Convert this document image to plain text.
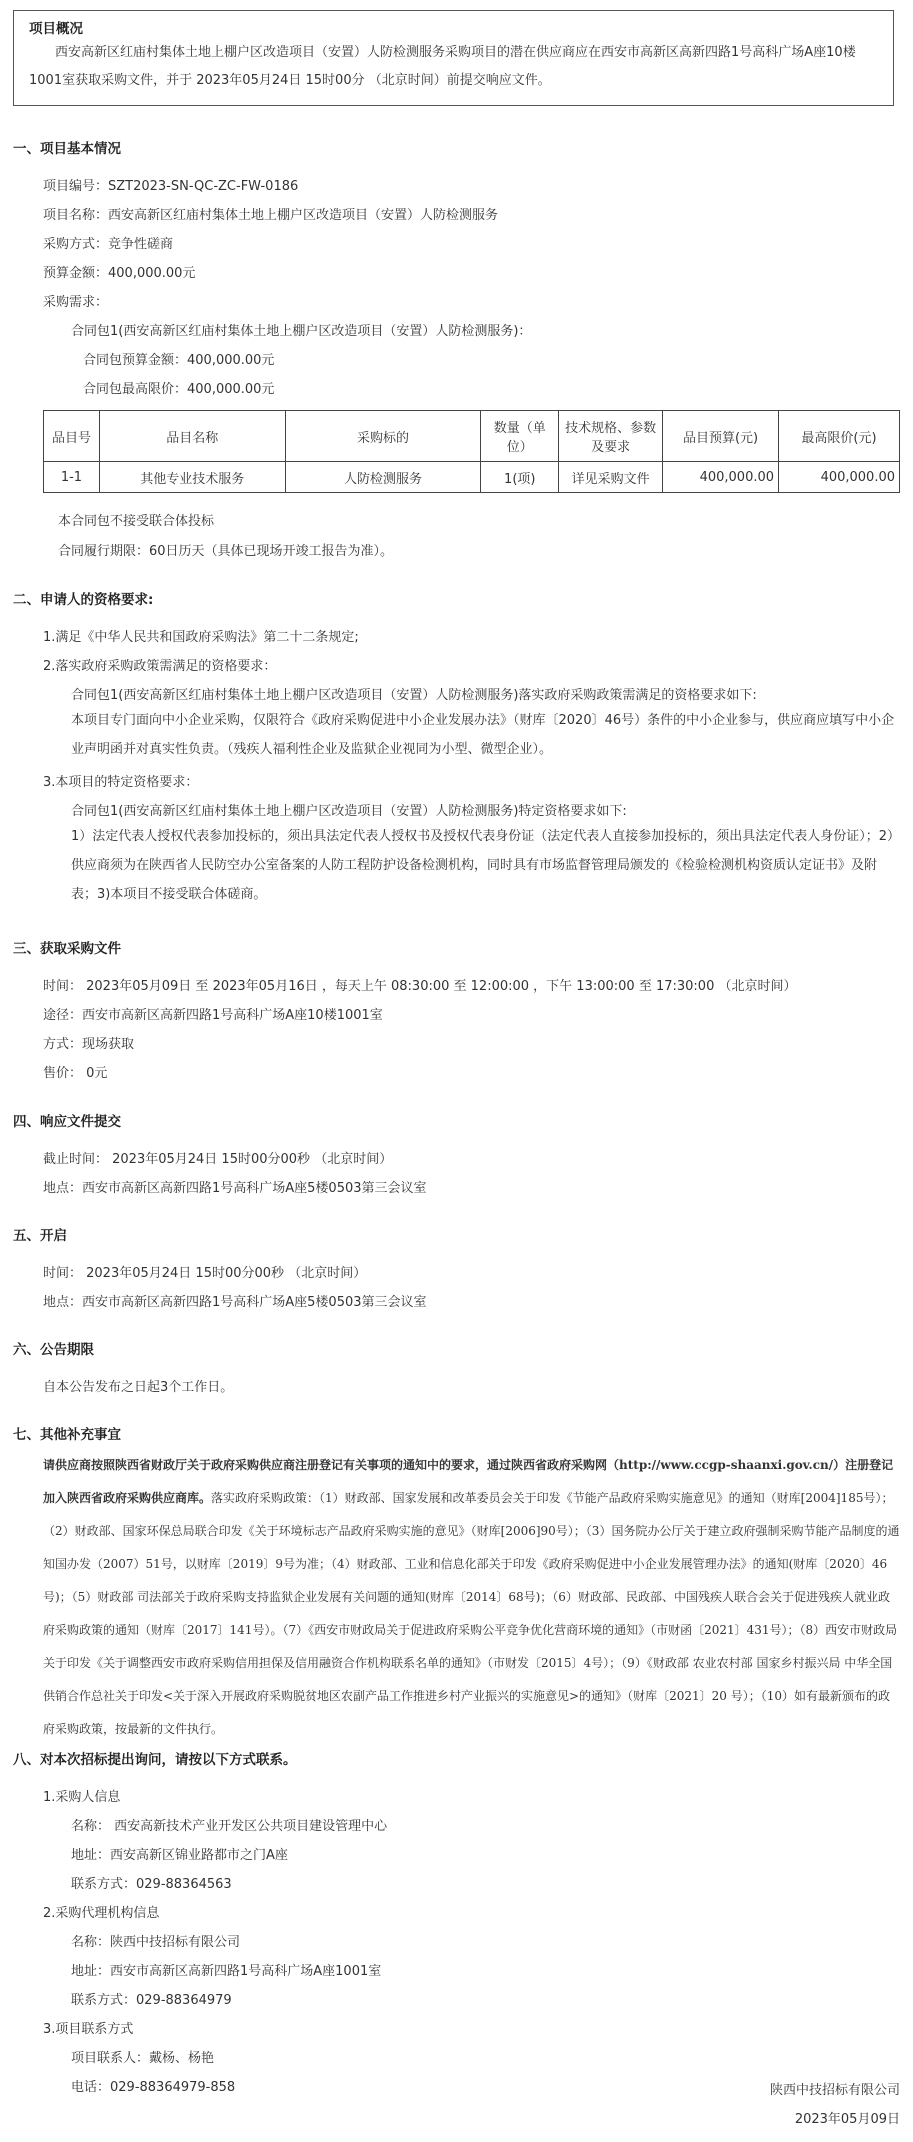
项目概况
西安高新区红庙村集体土地上棚户区改造项目（安置）人防检测服务采购项目的潜在供应商应在西安市高新区高新四路1号高科广场A座10楼1001室获取采购文件，并于 2023年05月24日 15时00分 （北京时间）前提交响应文件。
一、项目基本情况
项目编号：SZT2023-SN-QC-ZC-FW-0186
项目名称：西安高新区红庙村集体土地上棚户区改造项目（安置）人防检测服务
采购方式：竞争性磋商
预算金额：400,000.00元
采购需求：
合同包1(西安高新区红庙村集体土地上棚户区改造项目（安置）人防检测服务)：
合同包预算金额：400,000.00元
合同包最高限价：400,000.00元
品目号	品目名称	采购标的	数量（单位）	技术规格、参数及要求	品目预算(元)	最高限价(元)
1-1	其他专业技术服务	人防检测服务	1(项)	详见采购文件	400,000.00	400,000.00
本合同包不接受联合体投标
合同履行期限：60日历天（具体已现场开竣工报告为准）。
二、申请人的资格要求:
1.满足《中华人民共和国政府采购法》第二十二条规定;
2.落实政府采购政策需满足的资格要求：
合同包1(西安高新区红庙村集体土地上棚户区改造项目（安置）人防检测服务)落实政府采购政策需满足的资格要求如下:
本项目专门面向中小企业采购，仅限符合《政府采购促进中小企业发展办法》（财库〔2020〕46号）条件的中小企业参与，供应商应填写中小企业声明函并对真实性负责。（残疾人福利性企业及监狱企业视同为小型、微型企业）。
3.本项目的特定资格要求：
合同包1(西安高新区红庙村集体土地上棚户区改造项目（安置）人防检测服务)特定资格要求如下:
1）法定代表人授权代表参加投标的，须出具法定代表人授权书及授权代表身份证（法定代表人直接参加投标的，须出具法定代表人身份证）；2）供应商须为在陕西省人民防空办公室备案的人防工程防护设备检测机构，同时具有市场监督管理局颁发的《检验检测机构资质认定证书》及附表；3)本项目不接受联合体磋商。
三、获取采购文件
时间： 2023年05月09日 至 2023年05月16日 ，每天上午 08:30:00 至 12:00:00 ，下午 13:00:00 至 17:30:00 （北京时间）
途径：西安市高新区高新四路1号高科广场A座10楼1001室
方式：现场获取
售价： 0元
四、响应文件提交
截止时间： 2023年05月24日 15时00分00秒 （北京时间）
地点：西安市高新区高新四路1号高科广场A座5楼0503第三会议室
五、开启
时间： 2023年05月24日 15时00分00秒 （北京时间）
地点：西安市高新区高新四路1号高科广场A座5楼0503第三会议室
六、公告期限
自本公告发布之日起3个工作日。
七、其他补充事宜
请供应商按照陕西省财政厅关于政府采购供应商注册登记有关事项的通知中的要求，通过陕西省政府采购网（http://www.ccgp-shaanxi.gov.cn/）注册登记加入陕西省政府采购供应商库。落实政府采购政策：（1）财政部、国家发展和改革委员会关于印发《节能产品政府采购实施意见》的通知（财库[2004]185号）；（2）财政部、国家环保总局联合印发《关于环境标志产品政府采购实施的意见》（财库[2006]90号）；（3）国务院办公厅关于建立政府强制采购节能产品制度的通知国办发（2007）51号，以财库〔2019〕9号为准；（4）财政部、工业和信息化部关于印发《政府采购促进中小企业发展管理办法》的通知(财库〔2020〕46号)；（5）财政部 司法部关于政府采购支持监狱企业发展有关问题的通知(财库〔2014〕68号)；（6）财政部、民政部、中国残疾人联合会关于促进残疾人就业政府采购政策的通知（财库〔2017〕141号）。（7）《西安市财政局关于促进政府采购公平竞争优化营商环境的通知》（市财函〔2021〕431号）；（8）西安市财政局关于印发《关于调整西安市政府采购信用担保及信用融资合作机构联系名单的通知》（市财发〔2015〕4号）；（9）《财政部 农业农村部 国家乡村振兴局 中华全国供销合作总社关于印发<关于深入开展政府采购脱贫地区农副产品工作推进乡村产业振兴的实施意见>的通知》（财库〔2021〕20 号）；（10）如有最新颁布的政府采购政策，按最新的文件执行。
八、对本次招标提出询问，请按以下方式联系。
1.采购人信息
名称： 西安高新技术产业开发区公共项目建设管理中心
地址：西安高新区锦业路都市之门A座
联系方式：029-88364563
2.采购代理机构信息
名称：陕西中技招标有限公司
地址：西安市高新区高新四路1号高科广场A座1001室
联系方式：029-88364979
3.项目联系方式
项目联系人：戴杨、杨艳
电话：029-88364979-858	陕西中技招标有限公司
2023年05月09日
